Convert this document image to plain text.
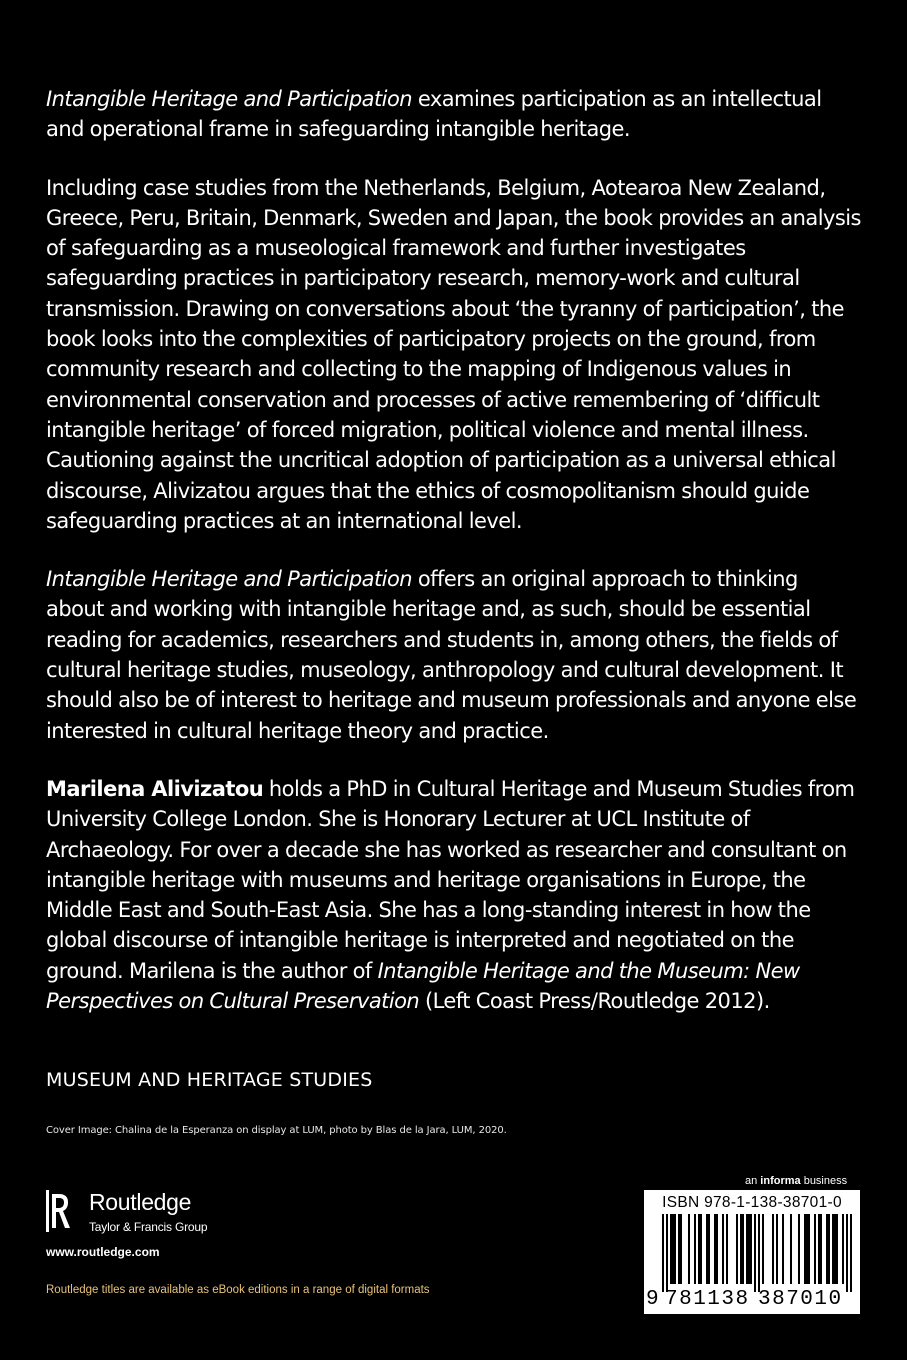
Intangible Heritage and Participation examines participation as an intellectual and operational frame in safeguarding intangible heritage.

Including case studies from the Netherlands, Belgium, Aotearoa New Zealand, Greece, Peru, Britain, Denmark, Sweden and Japan, the book provides an analysis of safeguarding as a museological framework and further investigates safeguarding practices in participatory research, memory-work and cultural transmission. Drawing on conversations about ‘the tyranny of participation’, the book looks into the complexities of participatory projects on the ground, from community research and collecting to the mapping of Indigenous values in environmental conservation and processes of active remembering of ‘difficult intangible heritage’ of forced migration, political violence and mental illness. Cautioning against the uncritical adoption of participation as a universal ethical discourse, Alivizatou argues that the ethics of cosmopolitanism should guide safeguarding practices at an international level.

Intangible Heritage and Participation offers an original approach to thinking about and working with intangible heritage and, as such, should be essential reading for academics, researchers and students in, among others, the fields of cultural heritage studies, museology, anthropology and cultural development. It should also be of interest to heritage and museum professionals and anyone else interested in cultural heritage theory and practice.

Marilena Alivizatou holds a PhD in Cultural Heritage and Museum Studies from University College London. She is Honorary Lecturer at UCL Institute of Archaeology. For over a decade she has worked as researcher and consultant on intangible heritage with museums and heritage organisations in Europe, the Middle East and South-East Asia. She has a long-standing interest in how the global discourse of intangible heritage is interpreted and negotiated on the ground. Marilena is the author of Intangible Heritage and the Museum: New Perspectives on Cultural Preservation (Left Coast Press/Routledge 2012).

MUSEUM AND HERITAGE STUDIES

Cover Image: Chalina de la Esperanza on display at LUM, photo by Blas de la Jara, LUM, 2020.

Routledge
Taylor & Francis Group
www.routledge.com
Routledge titles are available as eBook editions in a range of digital formats
an informa business
ISBN 978-1-138-38701-0
9 781138 387010
